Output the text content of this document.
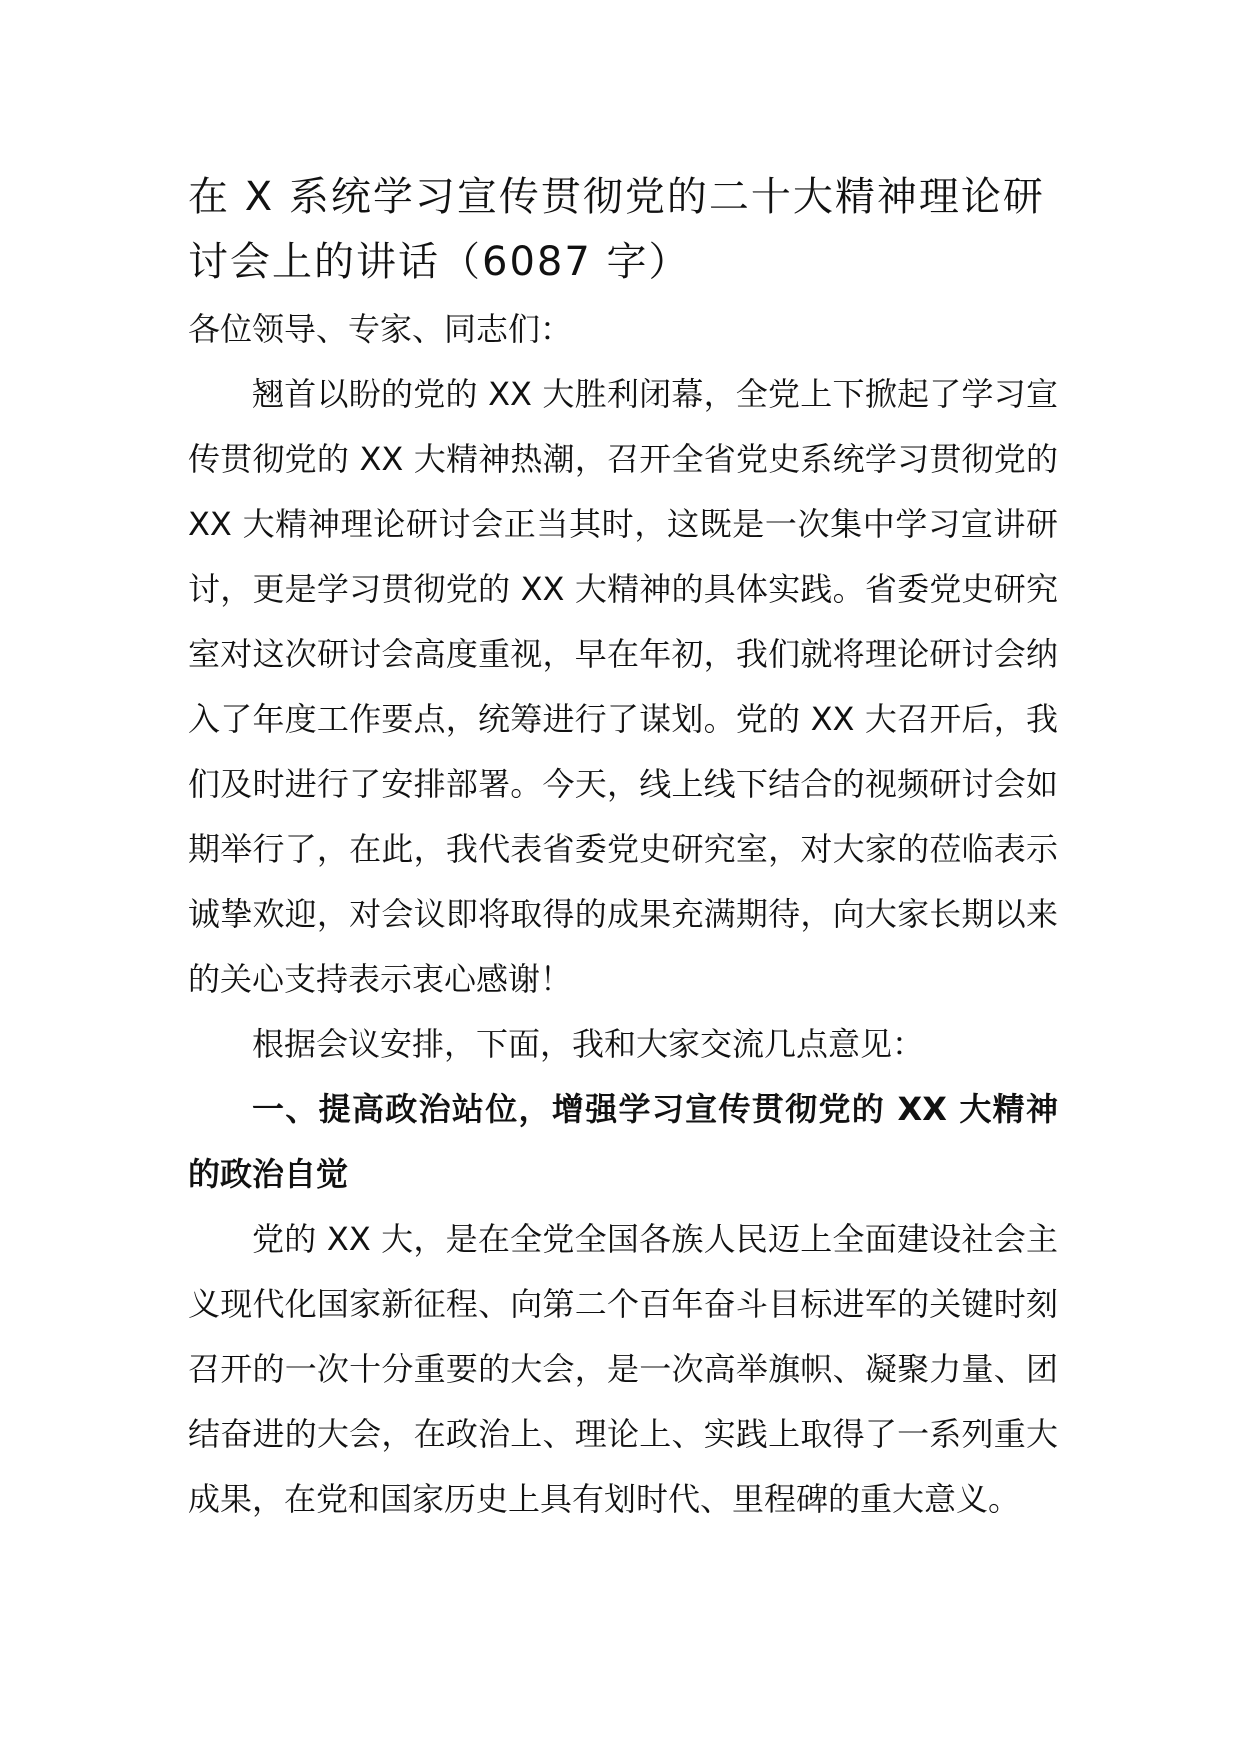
在 X 系统学习宣传贯彻党的二十大精神理论研讨会上的讲话（6087 字）

各位领导、专家、同志们：

翘首以盼的党的 XX 大胜利闭幕，全党上下掀起了学习宣传贯彻党的 XX 大精神热潮，召开全省党史系统学习贯彻党的 XX 大精神理论研讨会正当其时，这既是一次集中学习宣讲研讨，更是学习贯彻党的 XX 大精神的具体实践。省委党史研究室对这次研讨会高度重视，早在年初，我们就将理论研讨会纳入了年度工作要点，统筹进行了谋划。党的 XX 大召开后，我们及时进行了安排部署。今天，线上线下结合的视频研讨会如期举行了，在此，我代表省委党史研究室，对大家的莅临表示诚挚欢迎，对会议即将取得的成果充满期待，向大家长期以来的关心支持表示衷心感谢！

根据会议安排，下面，我和大家交流几点意见：

一、提高政治站位，增强学习宣传贯彻党的 XX 大精神的政治自觉

党的 XX 大，是在全党全国各族人民迈上全面建设社会主义现代化国家新征程、向第二个百年奋斗目标进军的关键时刻召开的一次十分重要的大会，是一次高举旗帜、凝聚力量、团结奋进的大会，在政治上、理论上、实践上取得了一系列重大成果，在党和国家历史上具有划时代、里程碑的重大意义。
